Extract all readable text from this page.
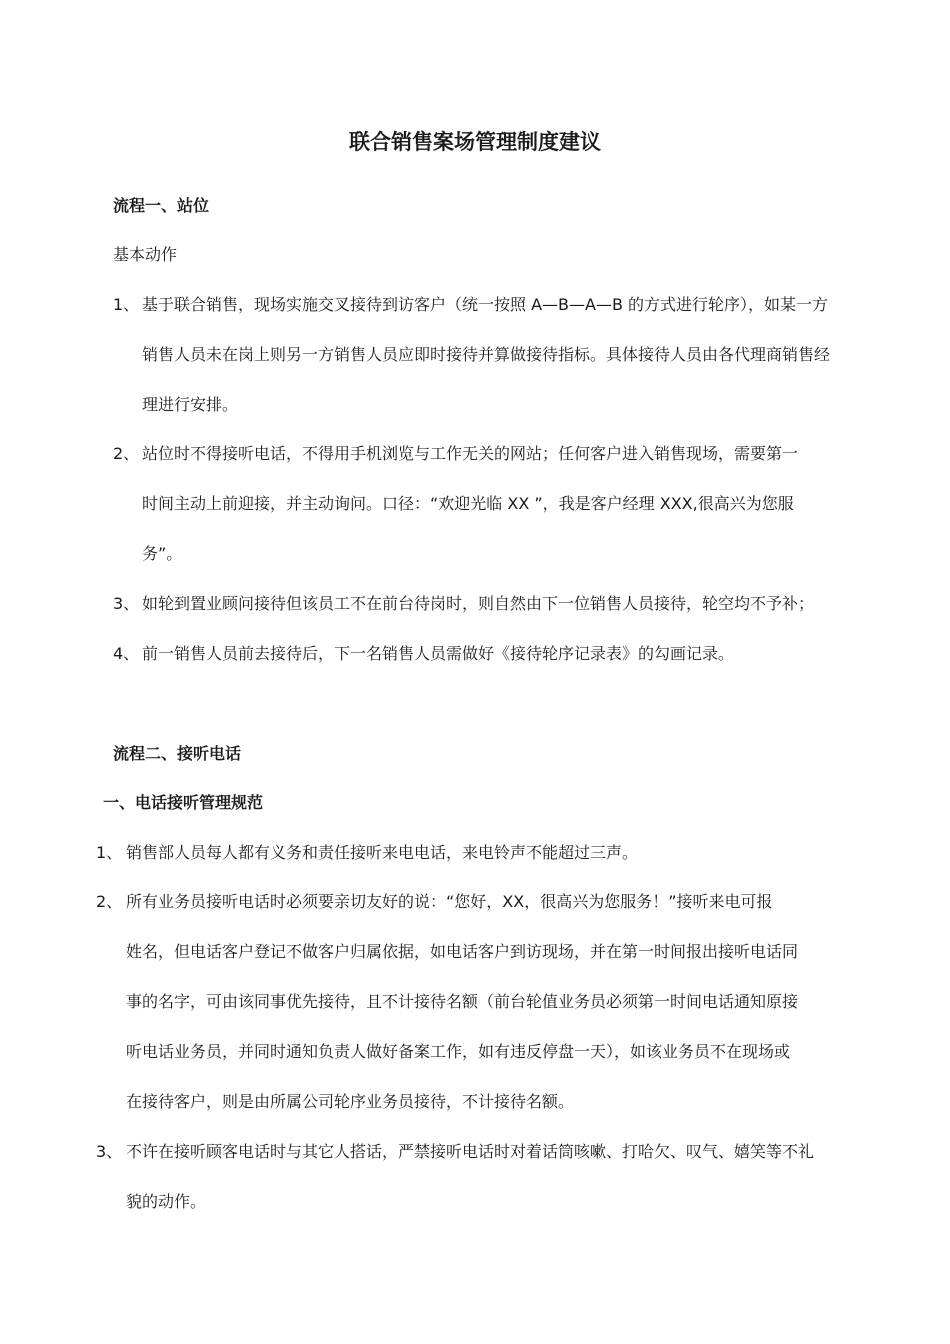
联合销售案场管理制度建议

流程一、站位

基本动作

1、 基于联合销售，现场实施交叉接待到访客户（统一按照 A—B—A—B 的方式进行轮序），如某一方
销售人员未在岗上则另一方销售人员应即时接待并算做接待指标。具体接待人员由各代理商销售经
理进行安排。
2、 站位时不得接听电话，不得用手机浏览与工作无关的网站；任何客户进入销售现场，需要第一
时间主动上前迎接，并主动询问。口径：“欢迎光临 XX ”，我是客户经理 XXX,很高兴为您服
务”。
3、 如轮到置业顾问接待但该员工不在前台待岗时，则自然由下一位销售人员接待，轮空均不予补；
4、 前一销售人员前去接待后，下一名销售人员需做好《接待轮序记录表》的勾画记录。

流程二、接听电话

一、电话接听管理规范

1、 销售部人员每人都有义务和责任接听来电电话，来电铃声不能超过三声。
2、 所有业务员接听电话时必须要亲切友好的说：“您好，XX，很高兴为您服务！”接听来电可报
姓名，但电话客户登记不做客户归属依据，如电话客户到访现场，并在第一时间报出接听电话同
事的名字，可由该同事优先接待，且不计接待名额（前台轮值业务员必须第一时间电话通知原接
听电话业务员，并同时通知负责人做好备案工作，如有违反停盘一天），如该业务员不在现场或
在接待客户，则是由所属公司轮序业务员接待，不计接待名额。
3、 不许在接听顾客电话时与其它人搭话，严禁接听电话时对着话筒咳嗽、打哈欠、叹气、嬉笑等不礼
貌的动作。
